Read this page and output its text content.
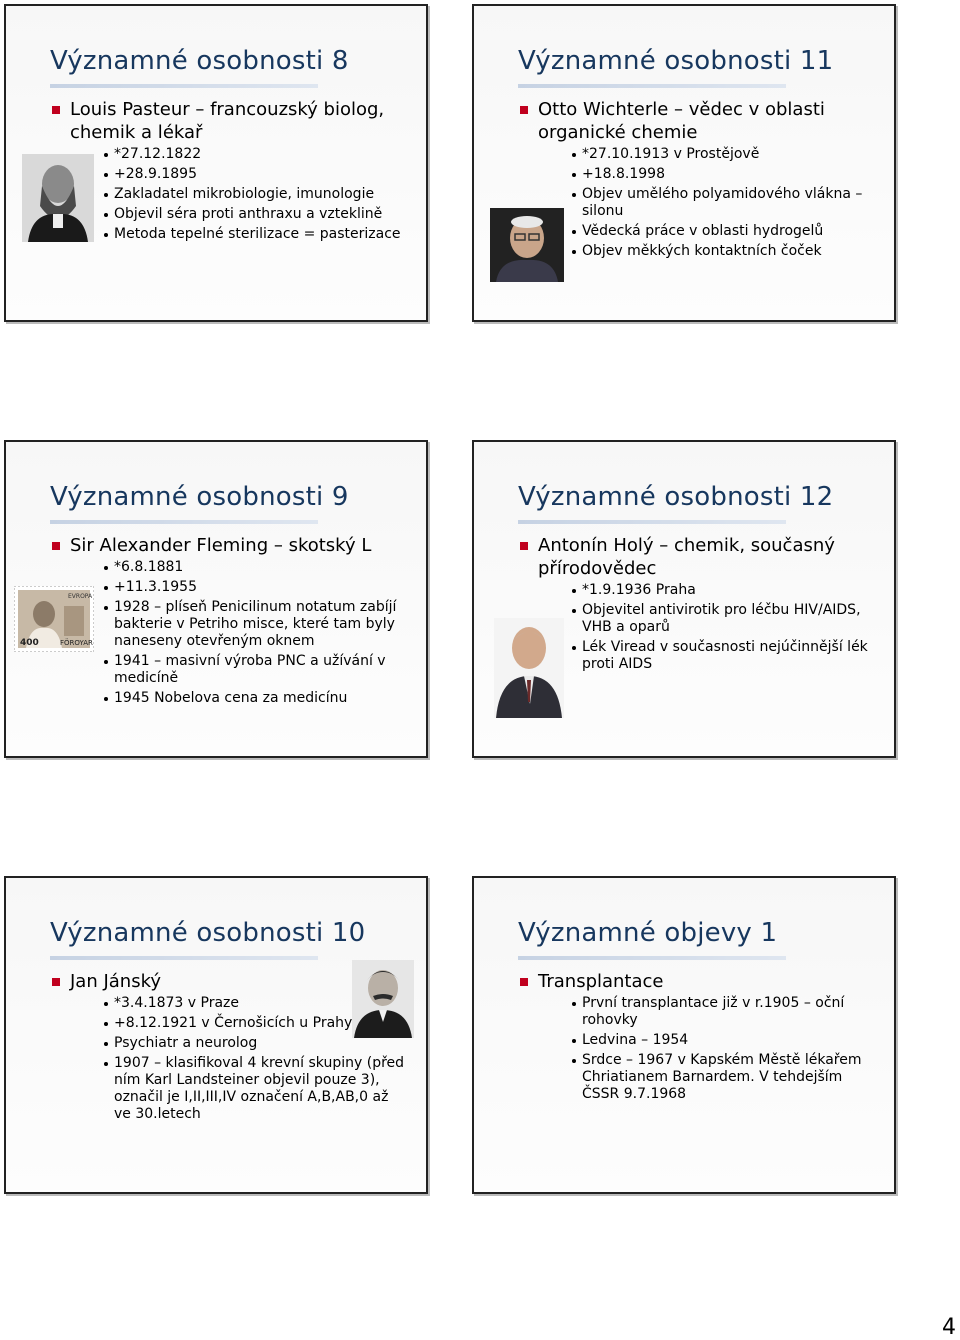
Významné osobnosti 8
Louis Pasteur – francouzský biolog, chemik a lékař
*27.12.1822
+28.9.1895
Zakladatel mikrobiologie, imunologie
Objevil séra proti anthraxu a vzteklině
Metoda tepelné sterilizace = pasterizace
Významné osobnosti 11
Otto Wichterle – vědec v oblasti organické chemie
*27.10.1913 v Prostějově
+18.8.1998
Objev umělého polyamidového vlákna – silonu
Vědecká práce v oblasti hydrogelů
Objev měkkých kontaktních čoček
Významné osobnosti 9
Sir Alexander Fleming – skotský L
*6.8.1881
+11.3.1955
1928 – plíseň Penicilinum notatum zabíjí bakterie v Petriho misce, které tam byly naneseny otevřeným oknem
1941 – masivní výroba PNC a užívání v medicíně
1945 Nobelova cena za medicínu
EVROPA
400	FÖROYAR
Významné osobnosti 12
Antonín Holý – chemik, současný přírodovědec
*1.9.1936 Praha
Objevitel antivirotik pro léčbu HIV/AIDS, VHB a oparů
Lék Viread v současnosti nejúčinnější lék proti AIDS
Významné osobnosti 10
Jan Jánský
*3.4.1873 v Praze
+8.12.1921 v Černošicích u Prahy
Psychiatr a neurolog
1907 – klasifikoval 4 krevní skupiny (před ním Karl Landsteiner objevil pouze 3), označil je I,II,III,IV označení A,B,AB,0 až ve 30.letech
Významné objevy 1
Transplantace
První transplantace již v r.1905 – oční rohovky
Ledvina – 1954
Srdce – 1967 v Kapském Městě lékařem Chriatianem Barnardem. V tehdejším ČSSR 9.7.1968
4
